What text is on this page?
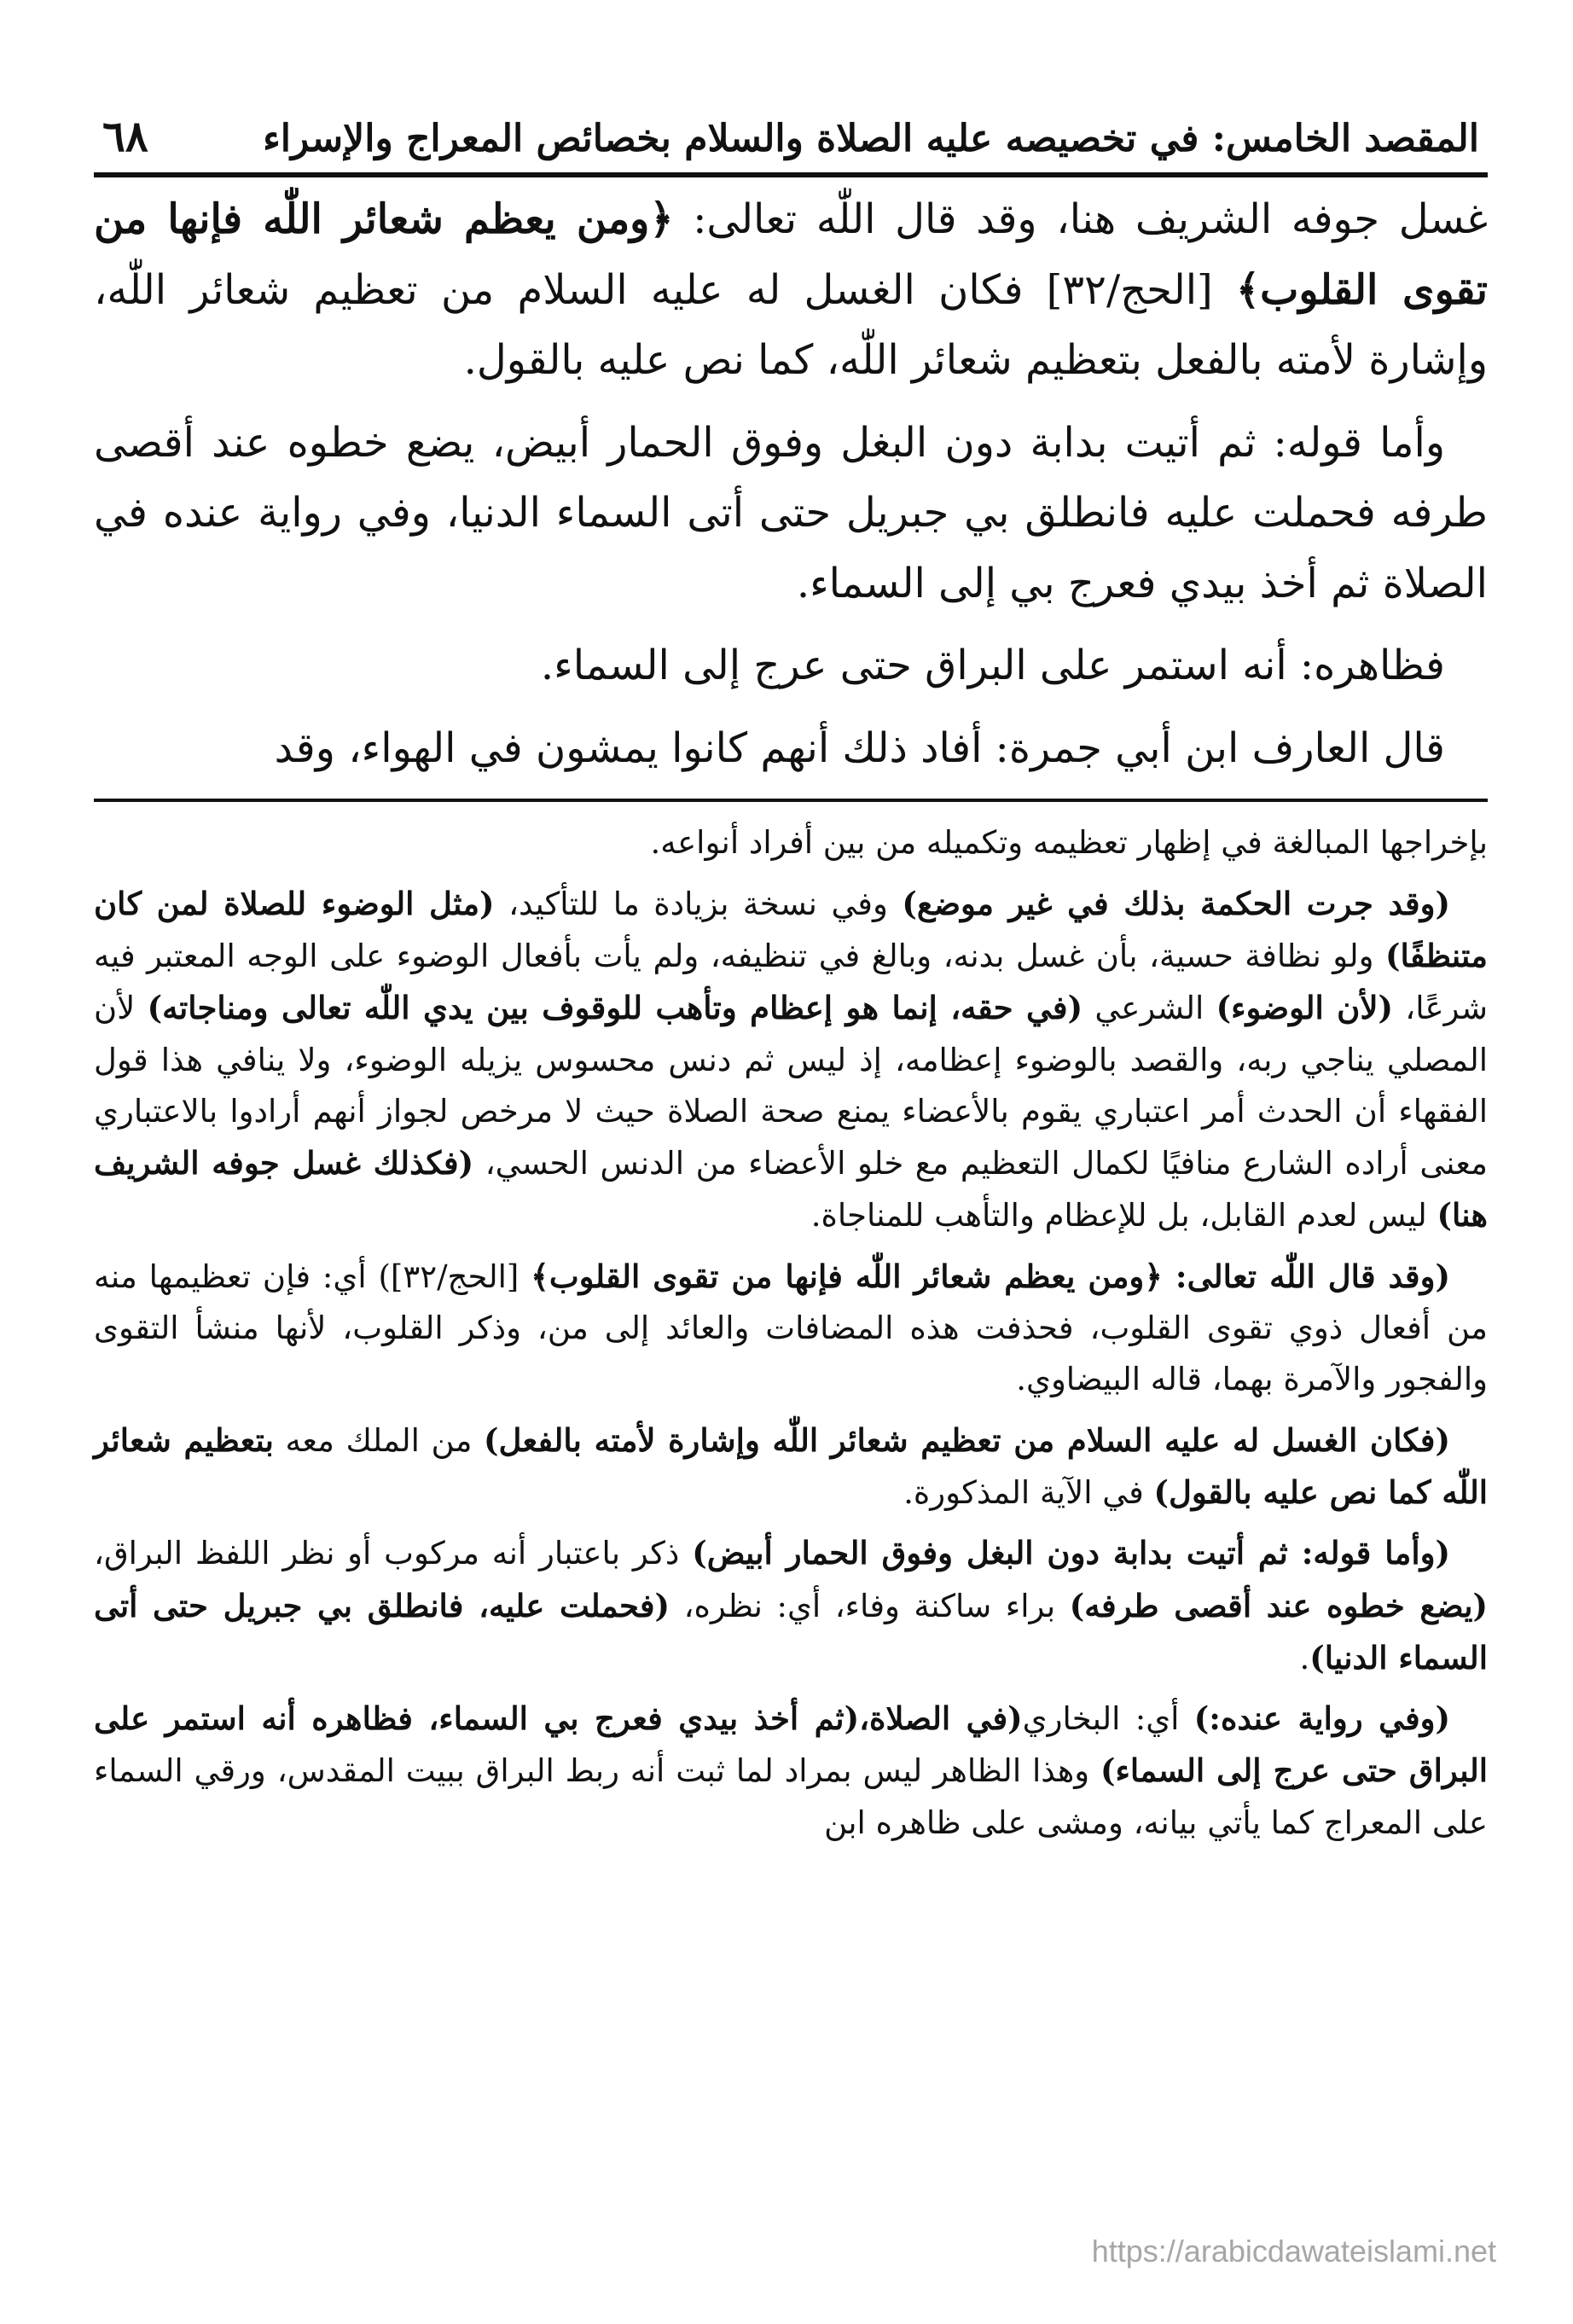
٦٨	المقصد الخامس: في تخصيصه عليه الصلاة والسلام بخصائص المعراج والإسراء

غسل جوفه الشريف هنا، وقد قال اللّٰه تعالى: ﴿ومن يعظم شعائر اللّٰه فإنها من تقوى القلوب﴾ [الحج/٣٢] فكان الغسل له عليه السلام من تعظيم شعائر اللّٰه، وإشارة لأمته بالفعل بتعظيم شعائر اللّٰه، كما نص عليه بالقول.

وأما قوله: ثم أتيت بدابة دون البغل وفوق الحمار أبيض، يضع خطوه عند أقصى طرفه فحملت عليه فانطلق بي جبريل حتى أتى السماء الدنيا، وفي رواية عنده في الصلاة ثم أخذ بيدي فعرج بي إلى السماء.

فظاهره: أنه استمر على البراق حتى عرج إلى السماء.

قال العارف ابن أبي جمرة: أفاد ذلك أنهم كانوا يمشون في الهواء، وقد

بإخراجها المبالغة في إظهار تعظيمه وتكميله من بين أفراد أنواعه.

(وقد جرت الحكمة بذلك في غير موضع) وفي نسخة بزيادة ما للتأكيد، (مثل الوضوء للصلاة لمن كان متنظفًا) ولو نظافة حسية، بأن غسل بدنه، وبالغ في تنظيفه، ولم يأت بأفعال الوضوء على الوجه المعتبر فيه شرعًا، (لأن الوضوء) الشرعي (في حقه، إنما هو إعظام وتأهب للوقوف بين يدي اللّٰه تعالى ومناجاته) لأن المصلي يناجي ربه، والقصد بالوضوء إعظامه، إذ ليس ثم دنس محسوس يزيله الوضوء، ولا ينافي هذا قول الفقهاء أن الحدث أمر اعتباري يقوم بالأعضاء يمنع صحة الصلاة حيث لا مرخص لجواز أنهم أرادوا بالاعتباري معنى أراده الشارع منافيًا لكمال التعظيم مع خلو الأعضاء من الدنس الحسي، (فكذلك غسل جوفه الشريف هنا) ليس لعدم القابل، بل للإعظام والتأهب للمناجاة.

(وقد قال اللّٰه تعالى: ﴿ومن يعظم شعائر اللّٰه فإنها من تقوى القلوب﴾ [الحج/٣٢]) أي: فإن تعظيمها منه من أفعال ذوي تقوى القلوب، فحذفت هذه المضافات والعائد إلى من، وذكر القلوب، لأنها منشأ التقوى والفجور والآمرة بهما، قاله البيضاوي.

(فكان الغسل له عليه السلام من تعظيم شعائر اللّٰه وإشارة لأمته بالفعل) من الملك معه بتعظيم شعائر اللّٰه كما نص عليه بالقول) في الآية المذكورة.

(وأما قوله: ثم أتيت بدابة دون البغل وفوق الحمار أبيض) ذكر باعتبار أنه مركوب أو نظر اللفظ البراق، (يضع خطوه عند أقصى طرفه) براء ساكنة وفاء، أي: نظره، (فحملت عليه، فانطلق بي جبريل حتى أتى السماء الدنيا).

(وفي رواية عنده:) أي: البخاري(في الصلاة،(ثم أخذ بيدي فعرج بي السماء، فظاهره أنه استمر على البراق حتى عرج إلى السماء) وهذا الظاهر ليس بمراد لما ثبت أنه ربط البراق ببيت المقدس، ورقي السماء على المعراج كما يأتي بيانه، ومشى على ظاهره ابن

https://arabicdawateislami.net
